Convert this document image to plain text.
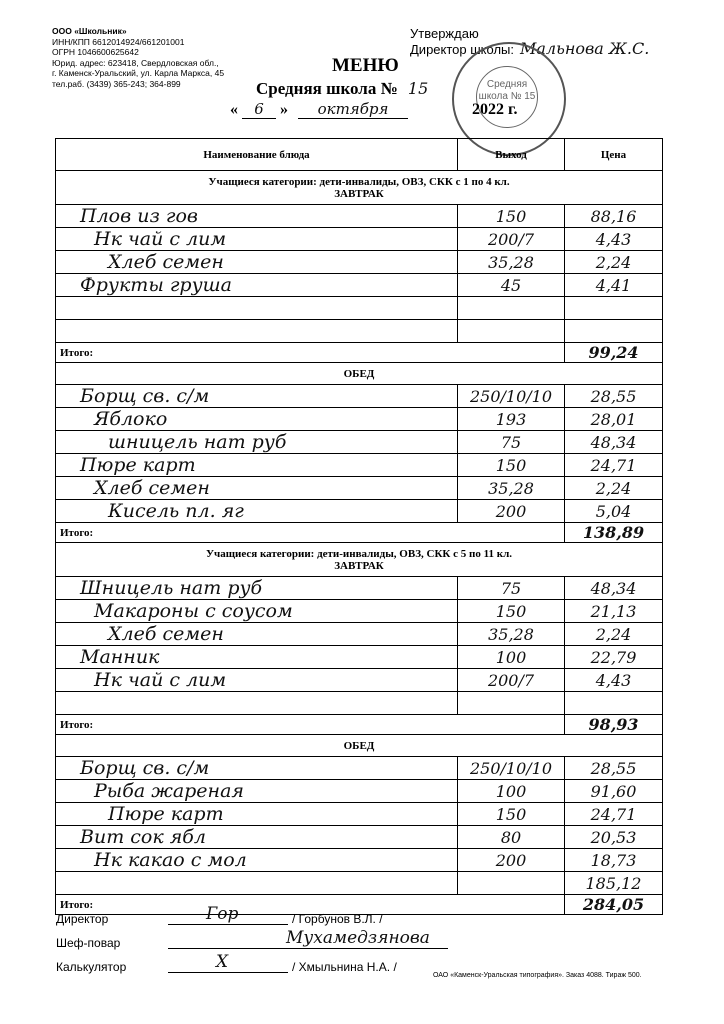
ООО «Школьник»
ИНН/КПП 6612014924/661201001
ОГРН 1046600625642
Юрид. адрес: 623418, Свердловская обл.,
г. Каменск-Уральский, ул. Карла Маркса, 45
тел.раб. (3439) 365-243; 364-899
Утверждаю
Директор школы: Мальнова Ж.С.
Средняя школа № 15
МЕНЮ
Средняя школа № 15
« 6 » октября	2022 г.
Наименование блюда	Выход	Цена

Учащиеся категории: дети-инвалиды, ОВЗ, СКК с 1 по 4 кл.
ЗАВТРАК		

Плов из гов	150	88,16
Нк чай с лим	200/7	4,43
Хлеб семен	35,28	2,24
Фрукты груша	45	4,41

Итого:		99,24

ОБЕД		

Борщ св. с/м	250/10/10	28,55
Яблоко	193	28,01
шницель нат руб	75	48,34
Пюре карт	150	24,71
Хлеб семен	35,28	2,24
Кисель пл. яг	200	5,04
Итого:		138,89

Учащиеся категории: дети-инвалиды, ОВЗ, СКК с 5 по 11 кл.
ЗАВТРАК		

Шницель нат руб	75	48,34
Макароны с соусом	150	21,13
Хлеб семен	35,28	2,24
Манник	100	22,79
Нк чай с лим	200/7	4,43

Итого:		98,93

ОБЕД		

Борщ св. с/м	250/10/10	28,55
Рыба жареная	100	91,60
Пюре карт	150	24,71
Вит сок ябл	80	20,53
Нк какао с мол	200	18,73
		185,12
Итого:		284,05
Директор	Гор	/ Горбунов В.Л. /
Шеф-повар	Мухамедзянова
Калькулятор	Х	/ Хмыльнина Н.А. /
ОАО «Каменск-Уральская типография». Заказ 4088. Тираж 500.
